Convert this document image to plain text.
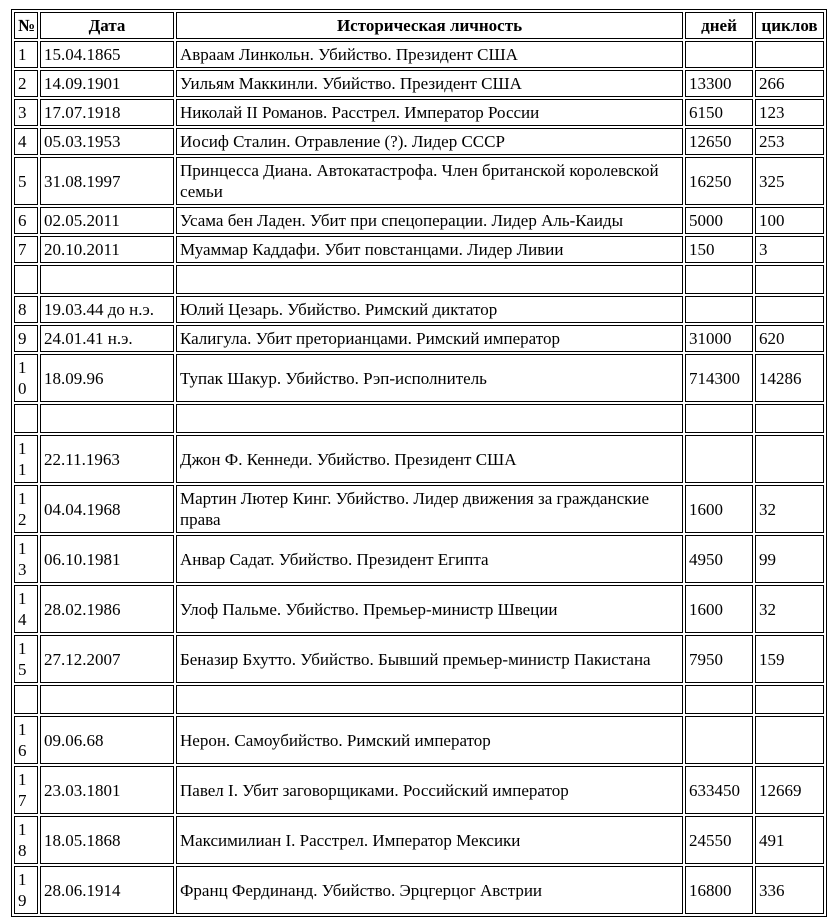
№	Дата	Историческая личность	дней	циклов
1	15.04.1865	Авраам Линкольн. Убийство. Президент США		
2	14.09.1901	Уильям Маккинли. Убийство. Президент США	13300	266
3	17.07.1918	Николай II Романов. Расстрел. Император России	6150	123
4	05.03.1953	Иосиф Сталин. Отравление (?). Лидер СССР	12650	253
5	31.08.1997	Принцесса Диана. Автокатастрофа. Член британской королевской семьи	16250	325
6	02.05.2011	Усама бен Ладен. Убит при спецоперации. Лидер Аль-Каиды	5000	100
7	20.10.2011	Муаммар Каддафи. Убит повстанцами. Лидер Ливии	150	3

8	19.03.44 до н.э.	Юлий Цезарь. Убийство. Римский диктатор		
9	24.01.41 н.э.	Калигула. Убит преторианцами. Римский император	31000	620
10	18.09.96	Тупак Шакур. Убийство. Рэп-исполнитель	714300	14286

11	22.11.1963	Джон Ф. Кеннеди. Убийство. Президент США		
12	04.04.1968	Мартин Лютер Кинг. Убийство. Лидер движения за гражданские права	1600	32
13	06.10.1981	Анвар Садат. Убийство. Президент Египта	4950	99
14	28.02.1986	Улоф Пальме. Убийство. Премьер-министр Швеции	1600	32
15	27.12.2007	Беназир Бхутто. Убийство. Бывший премьер-министр Пакистана	7950	159

16	09.06.68	Нерон. Самоубийство. Римский император		
17	23.03.1801	Павел I. Убит заговорщиками. Российский император	633450	12669
18	18.05.1868	Максимилиан I. Расстрел. Император Мексики	24550	491
19	28.06.1914	Франц Фердинанд. Убийство. Эрцгерцог Австрии	16800	336
